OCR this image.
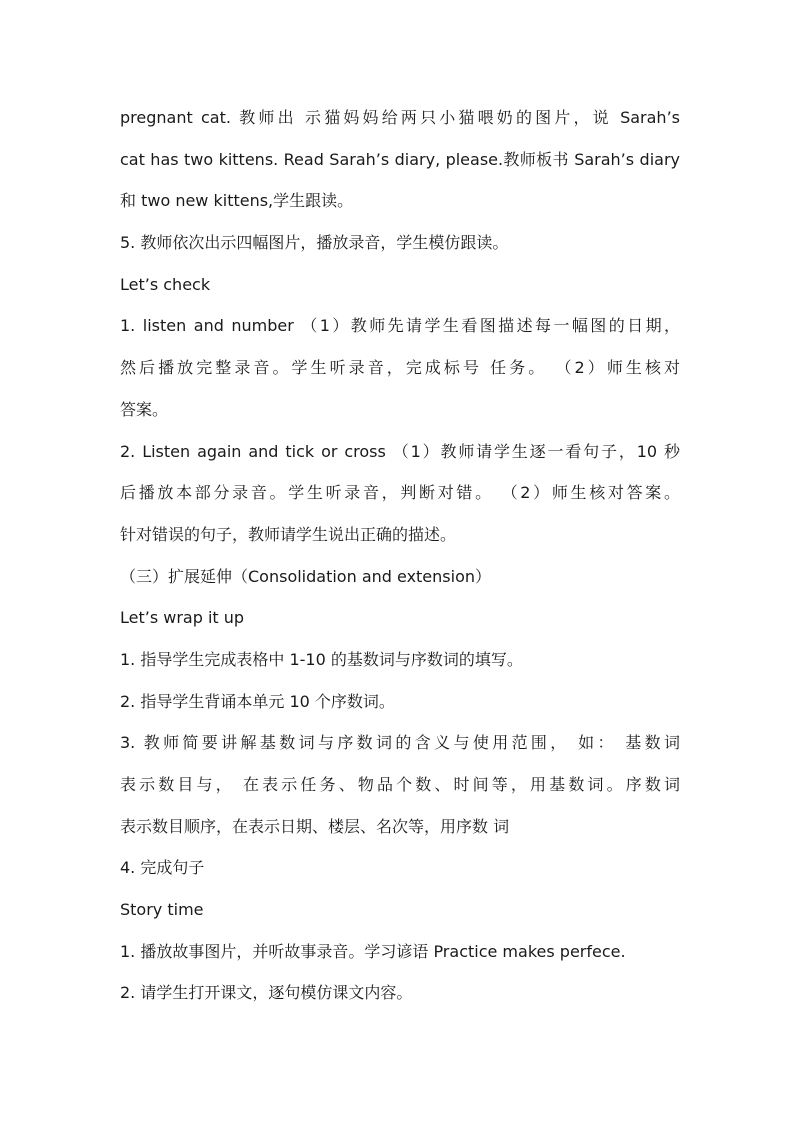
pregnant cat. 教师出 示猫妈妈给两只小猫喂奶的图片，说 Sarah’s
cat has two kittens. Read Sarah’s diary, please.教师板书 Sarah’s diary
和 two new kittens,学生跟读。
5. 教师依次出示四幅图片，播放录音，学生模仿跟读。
Let’s check
1. listen and number （1）教师先请学生看图描述每一幅图的日期，
然后播放完整录音。学生听录音，完成标号 任务。 （2）师生核对
答案。
2. Listen again and tick or cross （1）教师请学生逐一看句子，10 秒
后播放本部分录音。学生听录音，判断对错。 （2）师生核对答案。
针对错误的句子，教师请学生说出正确的描述。
（三）扩展延伸（Consolidation and extension）
Let’s wrap it up
1. 指导学生完成表格中 1-10 的基数词与序数词的填写。
2. 指导学生背诵本单元 10 个序数词。
3. 教师简要讲解基数词与序数词的含义与使用范围， 如： 基数词
表示数目与， 在表示任务、物品个数、时间等，用基数词。序数词
表示数目顺序，在表示日期、楼层、名次等，用序数 词
4. 完成句子
Story time
1. 播放故事图片，并听故事录音。学习谚语 Practice makes perfece.
2. 请学生打开课文，逐句模仿课文内容。
